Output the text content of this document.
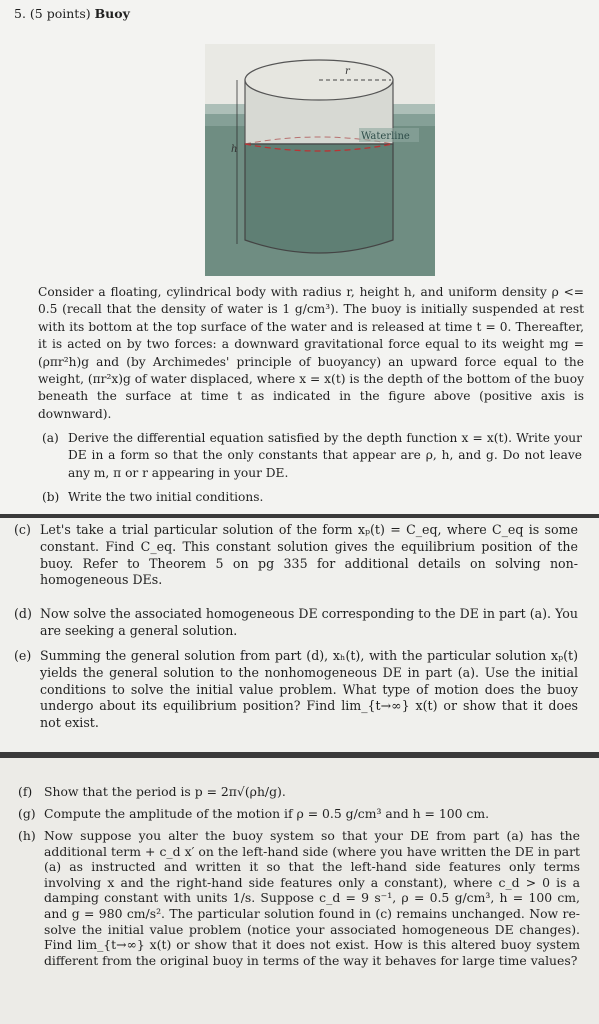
5. (5 points) Buoy
r
h
Waterline

Consider a floating, cylindrical body with radius r, height h, and uniform density ρ <= 0.5 (recall that the density of water is 1 g/cm³). The buoy is initially suspended at rest with its bottom at the top surface of the water and is released at time t = 0. Thereafter, it is acted on by two forces: a downward gravitational force equal to its weight mg = (ρπr²h)g and (by Archimedes' principle of buoyancy) an upward force equal to the weight, (πr²x)g of water displaced, where x = x(t) is the depth of the bottom of the buoy beneath the surface at time t as indicated in the figure above (positive axis is downward).

(a) Derive the differential equation satisfied by the depth function x = x(t). Write your DE in a form so that the only constants that appear are ρ, h, and g. Do not leave any m, π or r appearing in your DE.
(b) Write the two initial conditions.
(c) Let's take a trial particular solution of the form xₚ(t) = C_eq, where C_eq is some constant. Find C_eq. This constant solution gives the equilibrium position of the buoy. Refer to Theorem 5 on pg 335 for additional details on solving non-homogeneous DEs.
(d) Now solve the associated homogeneous DE corresponding to the DE in part (a). You are seeking a general solution.
(e) Summing the general solution from part (d), xₕ(t), with the particular solution xₚ(t) yields the general solution to the nonhomogeneous DE in part (a). Use the initial conditions to solve the initial value problem. What type of motion does the buoy undergo about its equilibrium position? Find lim_{t→∞} x(t) or show that it does not exist.
(f) Show that the period is p = 2π√(ρh/g).
(g) Compute the amplitude of the motion if ρ = 0.5 g/cm³ and h = 100 cm.
(h) Now suppose you alter the buoy system so that your DE from part (a) has the additional term + c_d x′ on the left-hand side (where you have written the DE in part (a) as instructed and written it so that the left-hand side features only terms involving x and the right-hand side features only a constant), where c_d > 0 is a damping constant with units 1/s. Suppose c_d = 9 s⁻¹, ρ = 0.5 g/cm³, h = 100 cm, and g = 980 cm/s². The particular solution found in (c) remains unchanged. Now re-solve the initial value problem (notice your associated homogeneous DE changes). Find lim_{t→∞} x(t) or show that it does not exist. How is this altered buoy system different from the original buoy in terms of the way it behaves for large time values?
